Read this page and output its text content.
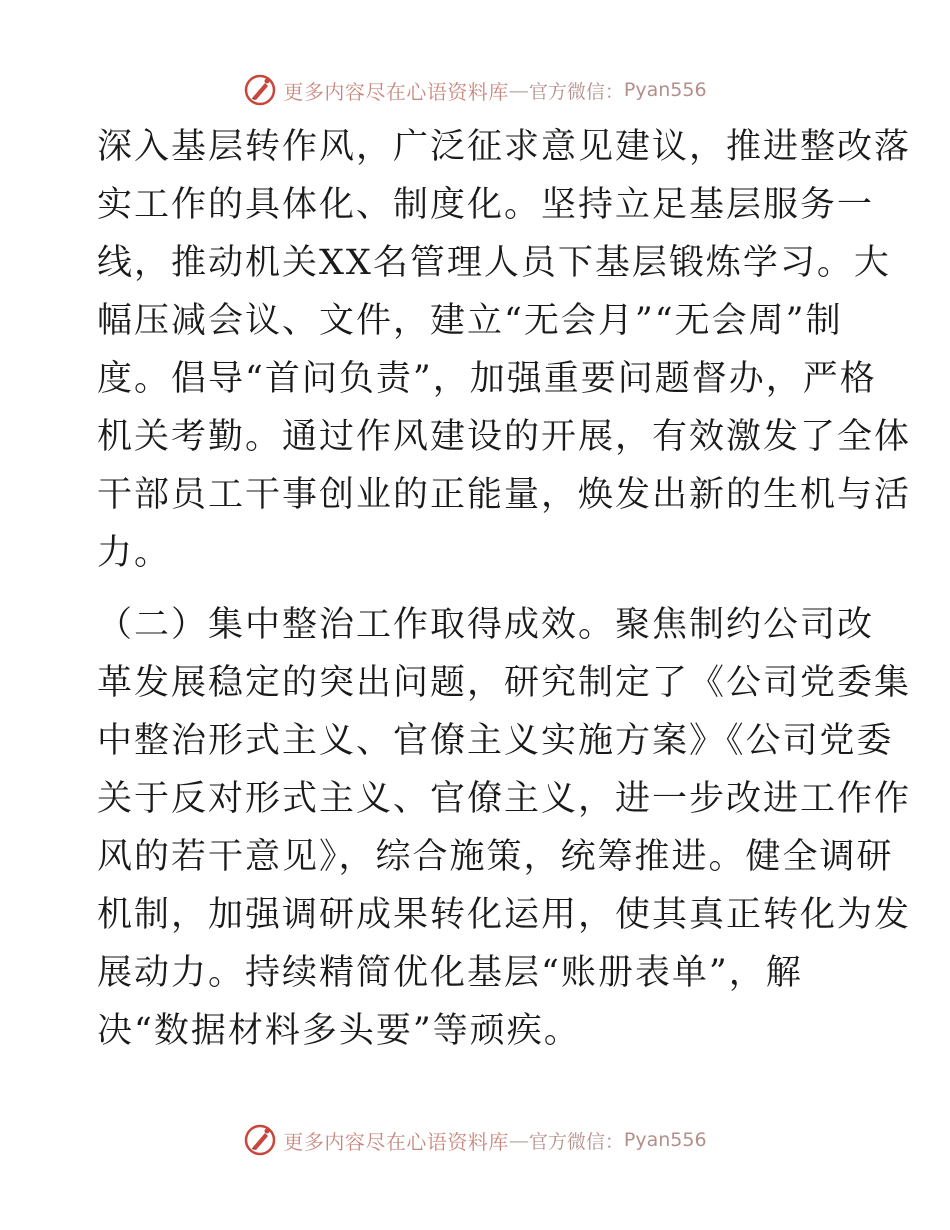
更多内容尽在心语资料库 — 官方微信： Pyan556
深入基层转作风，广泛征求意见建议，推进整改落
实工作的具体化、制度化。坚持立足基层服务一
线，推动机关XX名管理人员下基层锻炼学习。大
幅压减会议、文件，建立“无会月”“无会周”制
度。倡导“首问负责”，加强重要问题督办，严格
机关考勤。通过作风建设的开展，有效激发了全体
干部员工干事创业的正能量，焕发出新的生机与活
力。
（二）集中整治工作取得成效。聚焦制约公司改
革发展稳定的突出问题，研究制定了《公司党委集
中整治形式主义、官僚主义实施方案》《公司党委
关于反对形式主义、官僚主义，进一步改进工作作
风的若干意见》，综合施策，统筹推进。健全调研
机制，加强调研成果转化运用，使其真正转化为发
展动力。持续精简优化基层“账册表单”，解
决“数据材料多头要”等顽疾。
更多内容尽在心语资料库 — 官方微信： Pyan556
